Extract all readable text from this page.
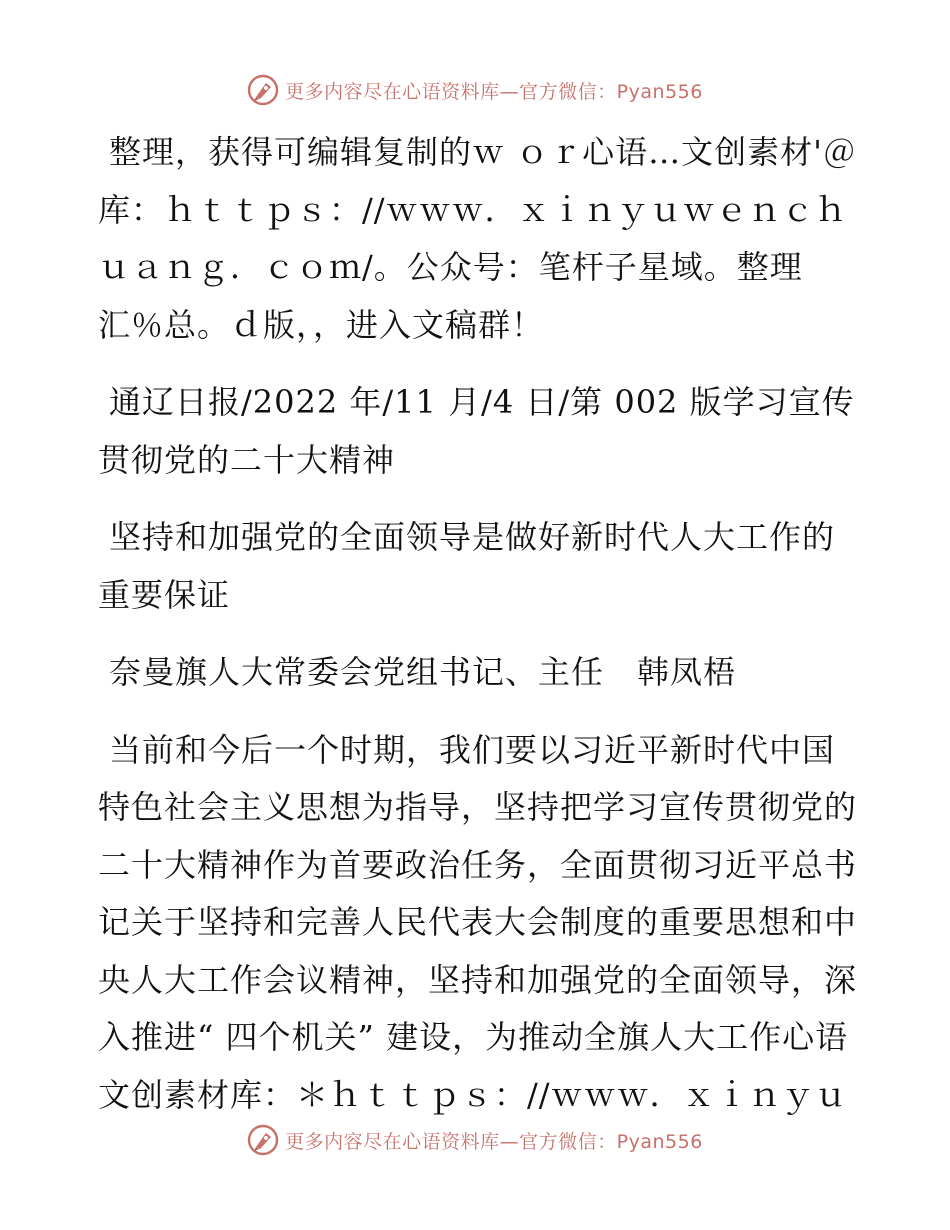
更多内容尽在心语资料库—官方微信：Pyan556

整理，获得可编辑复制的ｗ ｏｒ心语…文创素材'＠库：ｈｔｔｐｓ：//ｗｗｗ．ｘｉｎｙｕｗｅｎｃｈｕａｎｇ．ｃｏｍ/。公众号：笔杆子星域。整理汇％总。ｄ版，，进入文稿群！

通辽日报/2022 年/11 月/4 日/第 002 版学习宣传贯彻党的二十大精神

坚持和加强党的全面领导是做好新时代人大工作的重要保证

奈曼旗人大常委会党组书记、主任　韩凤梧

当前和今后一个时期，我们要以习近平新时代中国特色社会主义思想为指导，坚持把学习宣传贯彻党的二十大精神作为首要政治任务，全面贯彻习近平总书记关于坚持和完善人民代表大会制度的重要思想和中央人大工作会议精神，坚持和加强党的全面领导，深入推进“ 四个机关” 建设，为推动全旗人大工作心语文创素材库：＊ｈｔｔｐｓ：//ｗｗｗ．ｘｉｎｙｕ

更多内容尽在心语资料库—官方微信：Pyan556
